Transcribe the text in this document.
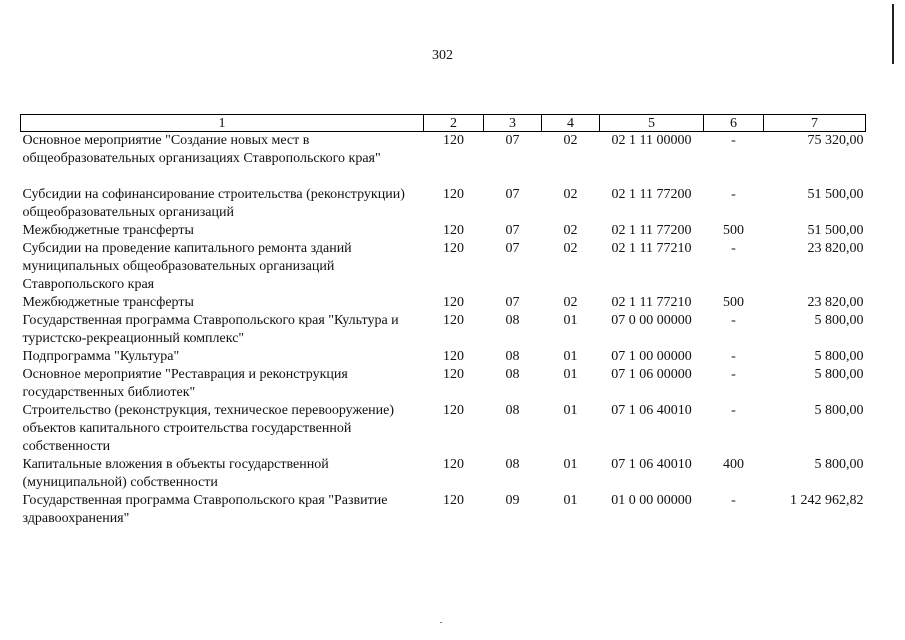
302
1	2	3	4	5	6	7
Основное мероприятие "Создание новых мест в общеобразовательных организациях Ставропольского края"	120	07	02	02 1 11 00000	-	75 320,00
Субсидии на софинансирование строительства (реконструкции) общеобразовательных организаций	120	07	02	02 1 11 77200	-	51 500,00
Межбюджетные трансферты	120	07	02	02 1 11 77200	500	51 500,00
Субсидии на проведение капитального ремонта зданий муниципальных общеобразовательных организаций Ставропольского края	120	07	02	02 1 11 77210	-	23 820,00
Межбюджетные трансферты	120	07	02	02 1 11 77210	500	23 820,00
Государственная программа Ставропольского края "Культура и туристско-рекреационный комплекс"	120	08	01	07 0 00 00000	-	5 800,00
Подпрограмма "Культура"	120	08	01	07 1 00 00000	-	5 800,00
Основное мероприятие "Реставрация и реконструкция государственных библиотек"	120	08	01	07 1 06 00000	-	5 800,00
Строительство (реконструкция, техническое перевооружение) объектов капитального строительства государственной собственности	120	08	01	07 1 06 40010	-	5 800,00
Капитальные вложения в объекты государственной (муниципальной) собственности	120	08	01	07 1 06 40010	400	5 800,00
Государственная программа Ставропольского края "Развитие здравоохранения"	120	09	01	01 0 00 00000	-	1 242 962,82
